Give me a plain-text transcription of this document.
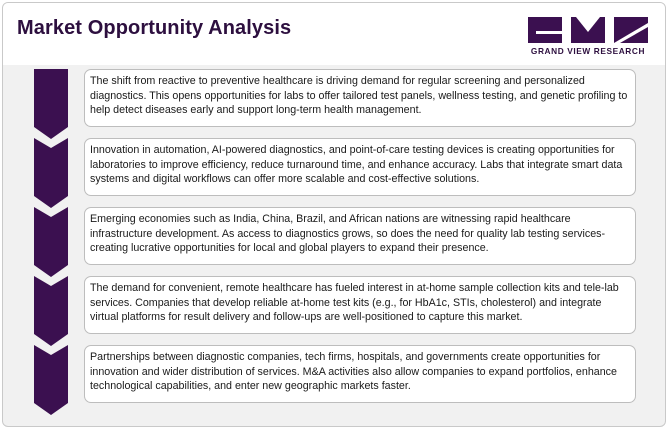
Market Opportunity Analysis
GRAND VIEW RESEARCH

The shift from reactive to preventive healthcare is driving demand for regular screening and personalized diagnostics. This opens opportunities for labs to offer tailored test panels, wellness testing, and genetic profiling to help detect diseases early and support long-term health management.

Innovation in automation, AI-powered diagnostics, and point-of-care testing devices is creating opportunities for laboratories to improve efficiency, reduce turnaround time, and enhance accuracy. Labs that integrate smart data systems and digital workflows can offer more scalable and cost-effective solutions.

Emerging economies such as India, China, Brazil, and African nations are witnessing rapid healthcare infrastructure development. As access to diagnostics grows, so does the need for quality lab testing services-creating lucrative opportunities for local and global players to expand their presence.

The demand for convenient, remote healthcare has fueled interest in at-home sample collection kits and tele-lab services. Companies that develop reliable at-home test kits (e.g., for HbA1c, STIs, cholesterol) and integrate virtual platforms for result delivery and follow-ups are well-positioned to capture this market.

Partnerships between diagnostic companies, tech firms, hospitals, and governments create opportunities for innovation and wider distribution of services. M&A activities also allow companies to expand portfolios, enhance technological capabilities, and enter new geographic markets faster.
